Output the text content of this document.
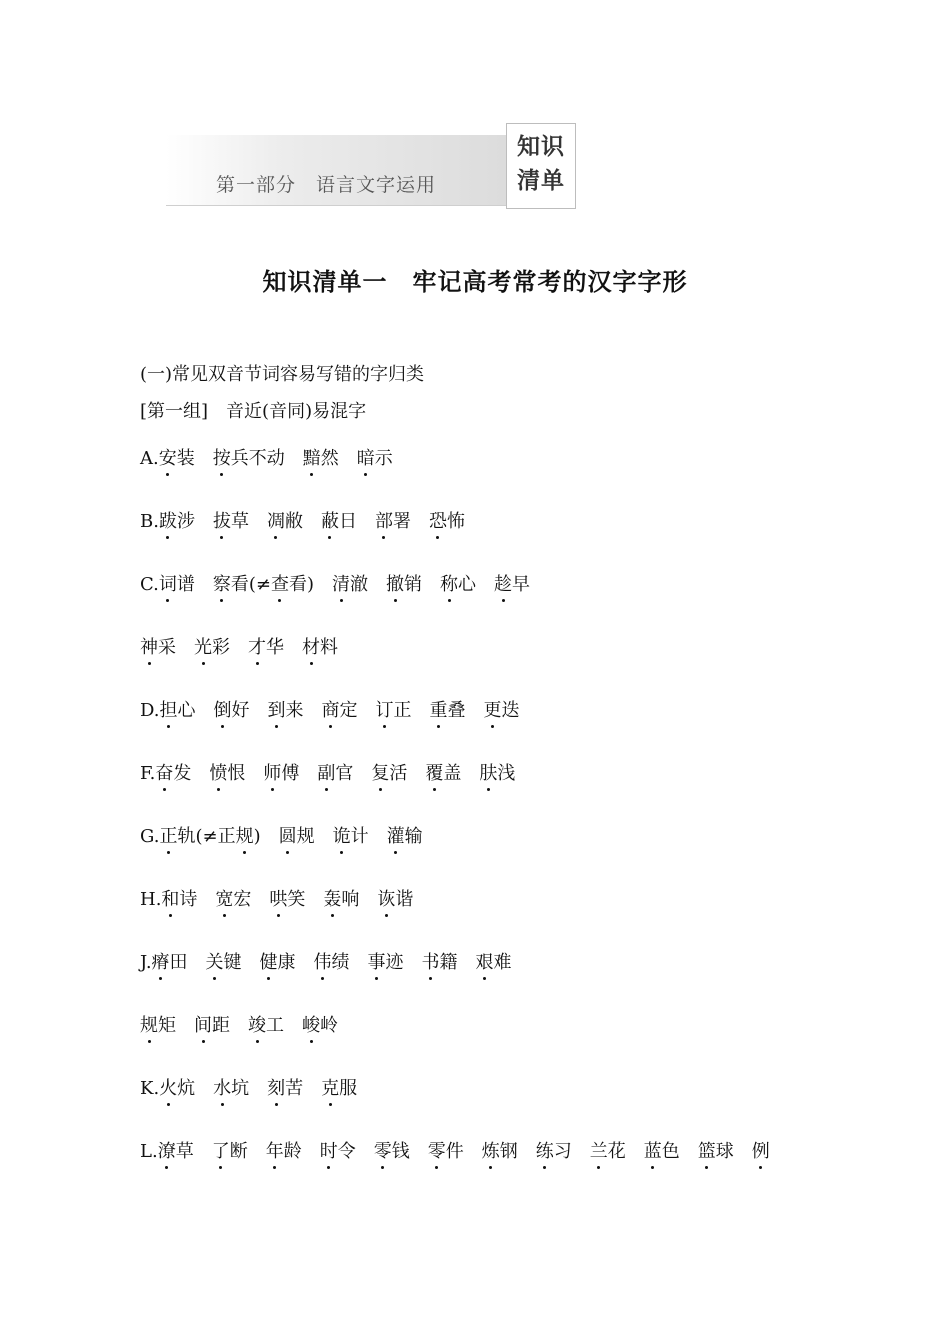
第一部分　语言文字运用
知识
清单
知识清单一　牢记高考常考的汉字字形
(一)常见双音节词容易写错的字归类
[第一组]　音近(音同)易混字
A.安装 按兵不动 黯然 暗示
B.跋涉 拔草 凋敝 蔽日 部署 恐怖
C.词谱 察看(≠查看) 清澈 撤销 称心 趁早
神采 光彩 才华 材料
D.担心 倒好 到来 商定 订正 重叠 更迭
F.奋发 愤恨 师傅 副官 复活 覆盖 肤浅
G.正轨(≠正规) 圆规 诡计 灌输
H.和诗 宽宏 哄笑 轰响 诙谐
J.瘠田 关键 健康 伟绩 事迹 书籍 艰难
规矩 间距 竣工 峻岭
K.火炕 水坑 刻苦 克服
L.潦草 了断 年龄 时令 零钱 零件 炼钢 练习 兰花 蓝色 篮球 例
